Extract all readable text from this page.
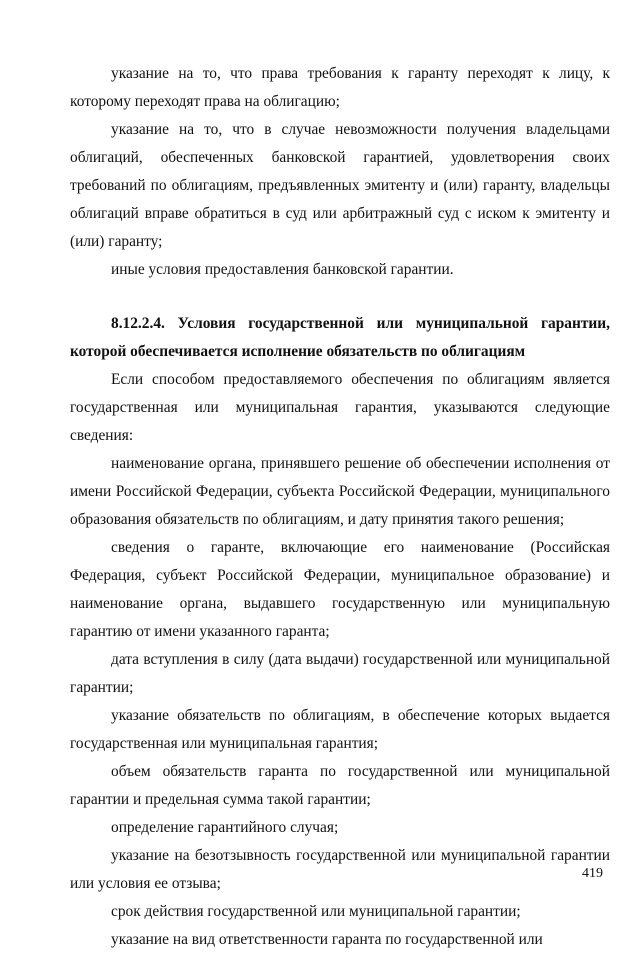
указание на то, что права требования к гаранту переходят к лицу, к которому переходят права на облигацию;

указание на то, что в случае невозможности получения владельцами облигаций, обеспеченных банковской гарантией, удовлетворения своих требований по облигациям, предъявленных эмитенту и (или) гаранту, владельцы облигаций вправе обратиться в суд или арбитражный суд с иском к эмитенту и (или) гаранту;

иные условия предоставления банковской гарантии.

8.12.2.4. Условия государственной или муниципальной гарантии, которой обеспечивается исполнение обязательств по облигациям

Если способом предоставляемого обеспечения по облигациям является государственная или муниципальная гарантия, указываются следующие сведения:

наименование органа, принявшего решение об обеспечении исполнения от имени Российской Федерации, субъекта Российской Федерации, муниципального образования обязательств по облигациям, и дату принятия такого решения;

сведения о гаранте, включающие его наименование (Российская Федерация, субъект Российской Федерации, муниципальное образование) и наименование органа, выдавшего государственную или муниципальную гарантию от имени указанного гаранта;

дата вступления в силу (дата выдачи) государственной или муниципальной гарантии;

указание обязательств по облигациям, в обеспечение которых выдается государственная или муниципальная гарантия;

объем обязательств гаранта по государственной или муниципальной гарантии и предельная сумма такой гарантии;

определение гарантийного случая;

указание на безотзывность государственной или муниципальной гарантии или условия ее отзыва;

срок действия государственной или муниципальной гарантии;

указание на вид ответственности гаранта по государственной или

419
